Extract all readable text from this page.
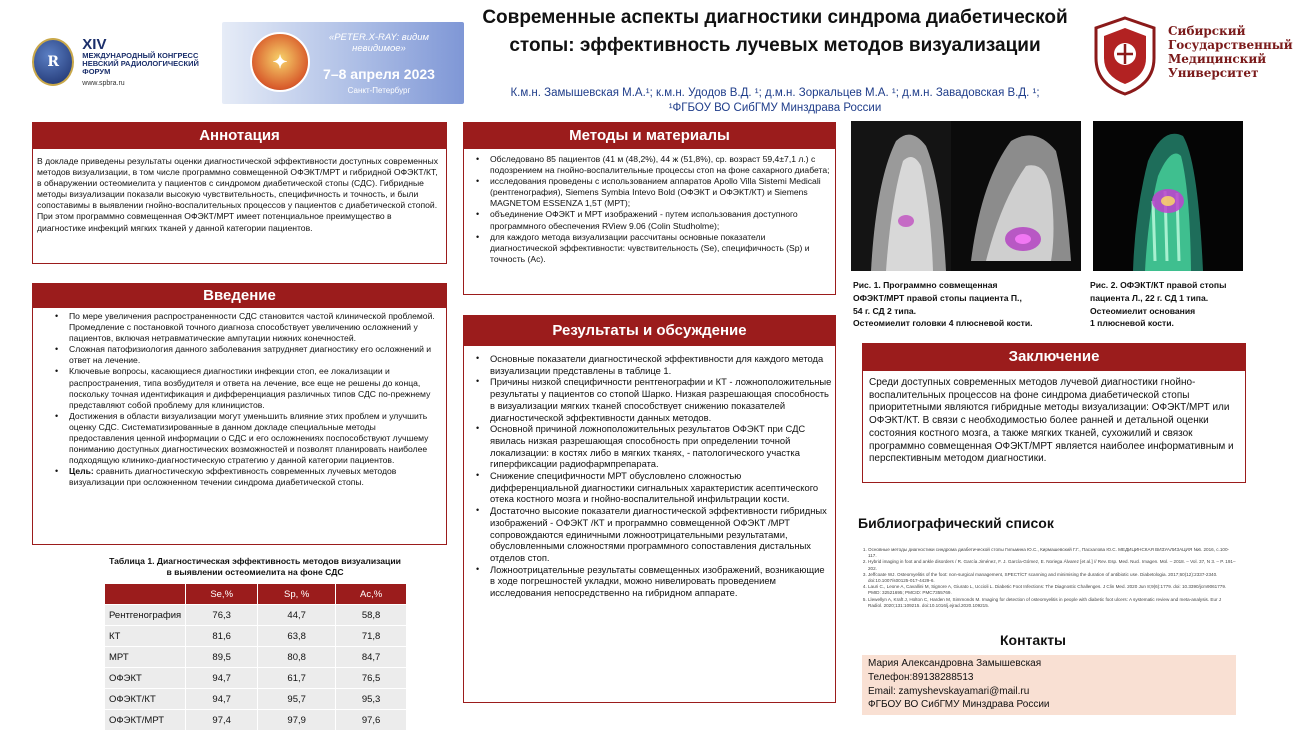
R
XIV
МЕЖДУНАРОДНЫЙ КОНГРЕСС
НЕВСКИЙ РАДИОЛОГИЧЕСКИЙ ФОРУМ
www.spbra.ru
✦
«PETER.X-RAY: видим невидимое»
7–8 апреля 2023
Санкт-Петербург
Современные аспекты диагностики синдрома диабетической стопы: эффективность лучевых методов визуализации
К.м.н. Замышевская М.А.¹; к.м.н. Удодов В.Д. ¹; д.м.н. Зоркальцев М.А. ¹; д.м.н. Завадовская В.Д. ¹;
¹ФГБОУ ВО СибГМУ Минздрава России
Сибирский Государственный Медицинский Университет
Аннотация

В докладе приведены результаты оценки диагностической эффективности доступных современных методов визуализации, в том числе программно совмещенной ОФЭКТ/МРТ и гибридной ОФЭКТ/КТ, в обнаружении остеомиелита у пациентов с синдромом диабетической стопы (СДС). Гибридные методы визуализации показали высокую чувствительность, специфичность и точность, и были сопоставимы в выявлении гнойно-воспалительных процессов у пациентов с диабетической стопой. При этом программно совмещенная ОФЭКТ/МРТ имеет потенциальное преимущество в диагностике инфекций мягких тканей у данной категории пациентов.

Введение
• По мере увеличения распространенности СДС становится частой клинической проблемой. Промедление с постановкой точного диагноза способствует увеличению осложнений у пациентов, включая нетравматические ампутации нижних конечностей.
• Сложная патофизиология данного заболевания затрудняет диагностику его осложнений и ответ на лечение.
• Ключевые вопросы, касающиеся диагностики инфекции стоп, ее локализации и распространения, типа возбудителя и ответа на лечение, все еще не решены до конца, поскольку точная идентификация и дифференциация различных типов СДС по-прежнему представляют собой проблему для клиницистов.
• Достижения в области визуализации могут уменьшить влияние этих проблем и улучшить оценку СДС. Систематизированные в данном докладе специальные методы предоставления ценной информации о СДС и его осложнениях поспособствуют лучшему пониманию доступных диагностических возможностей и позволят планировать наиболее подходящую клинико-диагностическую стратегию у данной категории пациентов.
• Цель: сравнить диагностическую эффективность современных лучевых методов визуализации при осложненном течении синдрома диабетической стопы.
Таблица 1. Диагностическая эффективность методов визуализации
в выявлении остеомиелита на фоне СДС
	Se,%	Sp, %	Ac,%
Рентгенография	76,3	44,7	58,8
КТ	81,6	63,8	71,8
МРТ	89,5	80,8	84,7
ОФЭКТ	94,7	61,7	76,5
ОФЭКТ/КТ	94,7	95,7	95,3
ОФЭКТ/МРТ	97,4	97,9	97,6
Методы и материалы
• Обследовано 85 пациентов (41 м (48,2%), 44 ж (51,8%), ср. возраст 59,4±7,1 л.) с подозрением на гнойно-воспалительные процессы стоп на фоне сахарного диабета;
• исследования проведены с использованием аппаратов Apollo Villa Sistemi Medicali (рентгенография), Siemens Symbia Intevo Bold (ОФЭКТ и ОФЭКТ/КТ) и Siemens MAGNETOM ESSENZA 1,5T (МРТ);
• объединение ОФЭКТ и МРТ изображений - путем использования доступного программного обеспечения RView 9.06 (Colin Studholme);
• для каждого метода визуализации рассчитаны основные показатели диагностической эффективности: чувствительность (Se), специфичность (Sp) и точность (Ac).
Результаты и обсуждение
• Основные показатели диагностической эффективности для каждого метода визуализации представлены в таблице 1.
• Причины низкой специфичности рентгенографии и КТ - ложноположительные результаты у пациентов со стопой Шарко. Низкая разрешающая способность в визуализации мягких тканей способствует снижению показателей диагностической эффективности данных методов.
• Основной причиной ложноположительных результатов ОФЭКТ при СДС явилась низкая разрешающая способность при определении точной локализации: в костях либо в мягких тканях, - патологического участка гиперфиксации радиофармпрепарата.
• Снижение специфичности МРТ обусловлено сложностью дифференциальной диагностики сигнальных характеристик асептического отека костного мозга и гнойно-воспалительной инфильтрации кости.
• Достаточно высокие показатели диагностической эффективности гибридных изображений - ОФЭКТ /КТ и программно совмещенной ОФЭКТ /МРТ сопровождаются единичными ложноотрицательными результатами, обусловленными сложностями программного сопоставления дистальных отделов стоп.
• Ложноотрицательные результаты совмещенных изображений, возникающие в ходе погрешностей укладки, можно нивелировать проведением исследования непосредственно на гибридном аппарате.
Рис. 1. Программно совмещенная
ОФЭКТ/МРТ правой стопы пациента П.,
54 г. СД 2 типа.
Остеомиелит головки 4 плюсневой кости.
Рис. 2. ОФЭКТ/КТ правой стопы
пациента Л., 22 г. СД 1 типа.
Остеомиелит основания
1 плюсневой кости.
Заключение

Среди доступных современных методов лучевой диагностики гнойно-воспалительных процессов на фоне синдрома диабетической стопы приоритетными являются гибридные методы визуализации: ОФЭКТ/МРТ или ОФЭКТ/КТ. В связи с необходимостью более ранней и детальной оценки состояния костного мозга, а также мягких тканей, сухожилий и связок программно совмещенная ОФЭКТ/МРТ является наиболее информативным и перспективным методом диагностики.

Библиографический список
1. Основные методы диагностики синдрома диабетической стопы Гильмина Ю.С., Кирмашевский Г.Г., Пасхалова Ю.С. МЕДИЦИНСКАЯ ВИЗУАЛИЗАЦИЯ №6. 2016, с.100-117.
2. Hybrid imaging in foot and ankle disorders / R. García Jiménez, F. J. García-Gómez, E. Noriega Álvarez [et al.] // Rev. Esp. Med. Nucl. Imagen. Mol. – 2018. – Vol. 37, N 3. – P. 191–202.
3. Jeffcoate WJ. Osteomyelitis of the foot: non-surgical management, SPECT/CT scanning and minimising the duration of antibiotic use. Diabetologia. 2017;60(12):2337-2340. doi:10.1007/s00125-017-4429-6.
4. Lauri C., Leone A, Cavallini M, Signore A, Giurato L, Uccioli L. Diabetic Foot Infections: The Diagnostic Challenges. J Clin Med. 2020 Jun 8;9(6):1779. doi: 10.3390/jcm9061779. PMID: 32521695; PMCID: PMC7355769.
5. Llewellyn A, Kraft J, Holton C, Harden M, Simmonds M. Imaging for detection of osteomyelitis in people with diabetic foot ulcers: A systematic review and meta-analysis. Eur J Radiol. 2020;131:109215. doi:10.1016/j.ejrad.2020.109215.
Контакты
Мария Александровна Замышевская
Телефон:89138288513
Email: zamyshevskayamari@mail.ru
ФГБОУ ВО СибГМУ Минздрава России
